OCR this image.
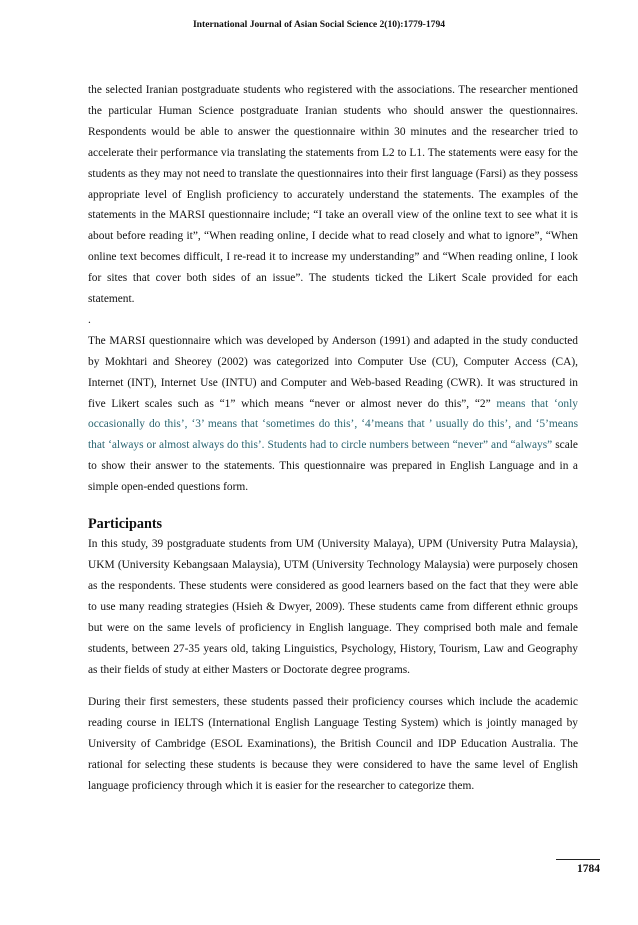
International Journal of Asian Social Science 2(10):1779-1794

the selected Iranian postgraduate students who registered with the associations. The researcher mentioned the particular Human Science postgraduate Iranian students who should answer the questionnaires. Respondents would be able to answer the questionnaire within 30 minutes and the researcher tried to accelerate their performance via translating the statements from L2 to L1. The statements were easy for the students as they may not need to translate the questionnaires into their first language (Farsi) as they possess appropriate level of English proficiency to accurately understand the statements. The examples of the statements in the MARSI questionnaire include; “I take an overall view of the online text to see what it is about before reading it”, “When reading online, I decide what to read closely and what to ignore”, “When online text becomes difficult, I re-read it to increase my understanding” and “When reading online, I look for sites that cover both sides of an issue”. The students ticked the Likert Scale provided for each statement.

.

The MARSI questionnaire which was developed by Anderson (1991) and adapted in the study conducted by Mokhtari and Sheorey (2002) was categorized into Computer Use (CU), Computer Access (CA), Internet (INT), Internet Use (INTU) and Computer and Web-based Reading (CWR). It was structured in five Likert scales such as “1” which means “never or almost never do this”, “2” means that ‘only occasionally do this’, ‘3’ means that ‘sometimes do this’, ‘4’means that ’ usually do this’, and ‘5’means that ‘always or almost always do this’. Students had to circle numbers between “never” and “always” scale to show their answer to the statements. This questionnaire was prepared in English Language and in a simple open-ended questions form.

Participants

In this study, 39 postgraduate students from UM (University Malaya), UPM (University Putra Malaysia), UKM (University Kebangsaan Malaysia), UTM (University Technology Malaysia) were purposely chosen as the respondents. These students were considered as good learners based on the fact that they were able to use many reading strategies (Hsieh & Dwyer, 2009). These students came from different ethnic groups but were on the same levels of proficiency in English language. They comprised both male and female students, between 27-35 years old, taking Linguistics, Psychology, History, Tourism, Law and Geography as their fields of study at either Masters or Doctorate degree programs.

During their first semesters, these students passed their proficiency courses which include the academic reading course in IELTS (International English Language Testing System) which is jointly managed by University of Cambridge (ESOL Examinations), the British Council and IDP Education Australia. The rational for selecting these students is because they were considered to have the same level of English language proficiency through which it is easier for the researcher to categorize them.

1784
